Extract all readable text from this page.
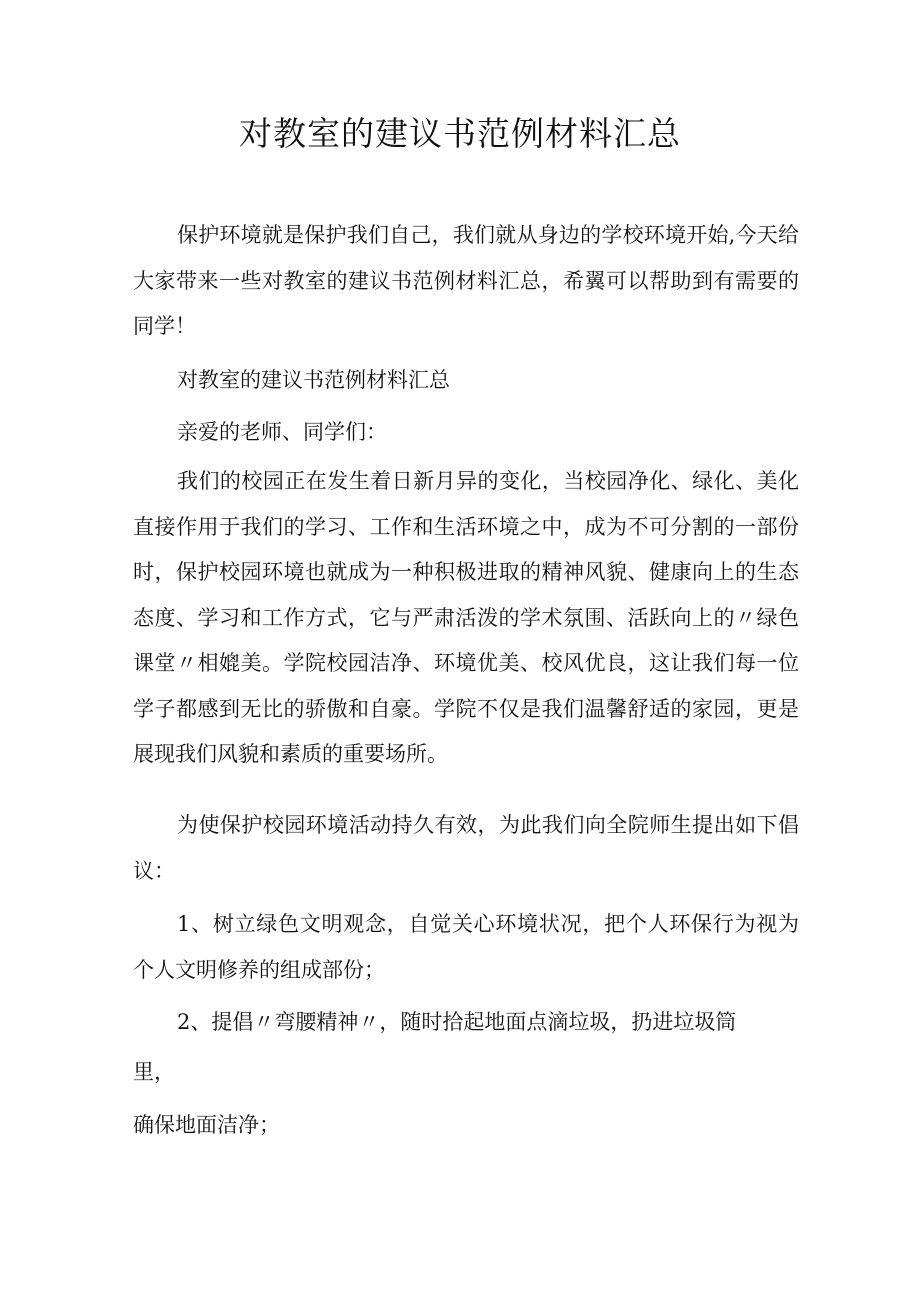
对教室的建议书范例材料汇总

保护环境就是保护我们自己，我们就从身边的学校环境开始,今天给大家带来一些对教室的建议书范例材料汇总，希翼可以帮助到有需要的同学！

对教室的建议书范例材料汇总

亲爱的老师、同学们：

我们的校园正在发生着日新月异的变化，当校园净化、绿化、美化直接作用于我们的学习、工作和生活环境之中，成为不可分割的一部份时，保护校园环境也就成为一种积极进取的精神风貌、健康向上的生态态度、学习和工作方式，它与严肃活泼的学术氛围、活跃向上的〃绿色课堂〃相媲美。学院校园洁净、环境优美、校风优良，这让我们每一位学子都感到无比的骄傲和自豪。学院不仅是我们温馨舒适的家园，更是展现我们风貌和素质的重要场所。

为使保护校园环境活动持久有效，为此我们向全院师生提出如下倡议：

1、树立绿色文明观念，自觉关心环境状况，把个人环保行为视为个人文明修养的组成部份；

2、提倡〃弯腰精神〃，随时拾起地面点滴垃圾，扔进垃圾筒

里，

确保地面洁净；
